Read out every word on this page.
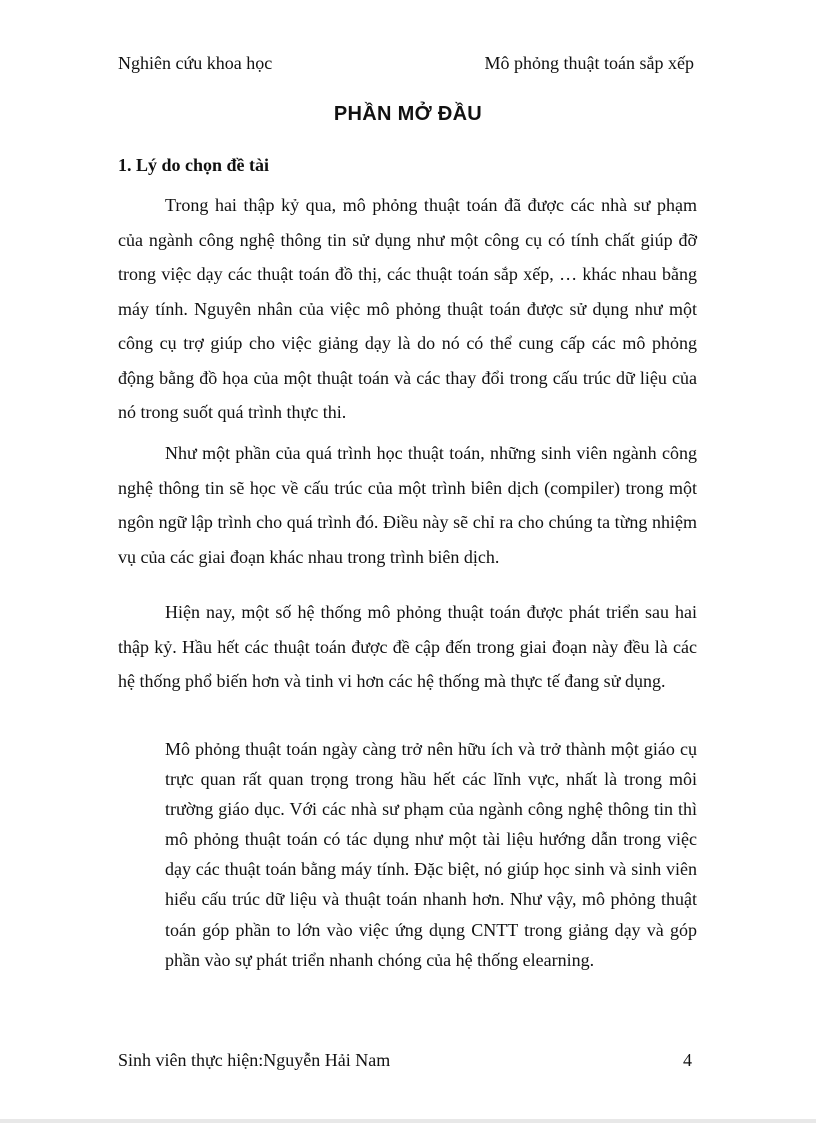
Nghiên cứu khoa học	Mô phỏng thuật toán sắp xếp
PHẦN MỞ ĐẦU
1. Lý do chọn đề tài

Trong hai thập kỷ qua, mô phỏng thuật toán đã được các nhà sư phạm của ngành công nghệ thông tin sử dụng như một công cụ có tính chất giúp đỡ trong việc dạy các thuật toán đồ thị, các thuật toán sắp xếp, … khác nhau bằng máy tính. Nguyên nhân của việc mô phỏng thuật toán được sử dụng như một công cụ trợ giúp cho việc giảng dạy là do nó có thể cung cấp các mô phỏng động bằng đồ họa của một thuật toán và các thay đổi trong cấu trúc dữ liệu của nó trong suốt quá trình thực thi.

Như một phần của quá trình học thuật toán, những sinh viên ngành công nghệ thông tin sẽ học về cấu trúc của một trình biên dịch (compiler) trong một ngôn ngữ lập trình cho quá trình đó. Điều này sẽ chỉ ra cho chúng ta từng nhiệm vụ của các giai đoạn khác nhau trong trình biên dịch.

Hiện nay, một số hệ thống mô phỏng thuật toán được phát triển sau hai thập kỷ. Hầu hết các thuật toán được đề cập đến trong giai đoạn này đều là các hệ thống phổ biến hơn và tinh vi hơn các hệ thống mà thực tế đang sử dụng.

Mô phỏng thuật toán ngày càng trở nên hữu ích và trở thành một giáo cụ trực quan rất quan trọng trong hầu hết các lĩnh vực, nhất là trong môi trường giáo dục. Với các nhà sư phạm của ngành công nghệ thông tin thì mô phỏng thuật toán có tác dụng như một tài liệu hướng dẫn trong việc dạy các thuật toán bằng máy tính. Đặc biệt, nó giúp học sinh và sinh viên hiểu cấu trúc dữ liệu và thuật toán nhanh hơn. Như vậy, mô phỏng thuật toán góp phần to lớn vào việc ứng dụng CNTT trong giảng dạy và góp phần vào sự phát triển nhanh chóng của hệ thống elearning.

Sinh viên thực hiện:Nguyễn Hải Nam	4
